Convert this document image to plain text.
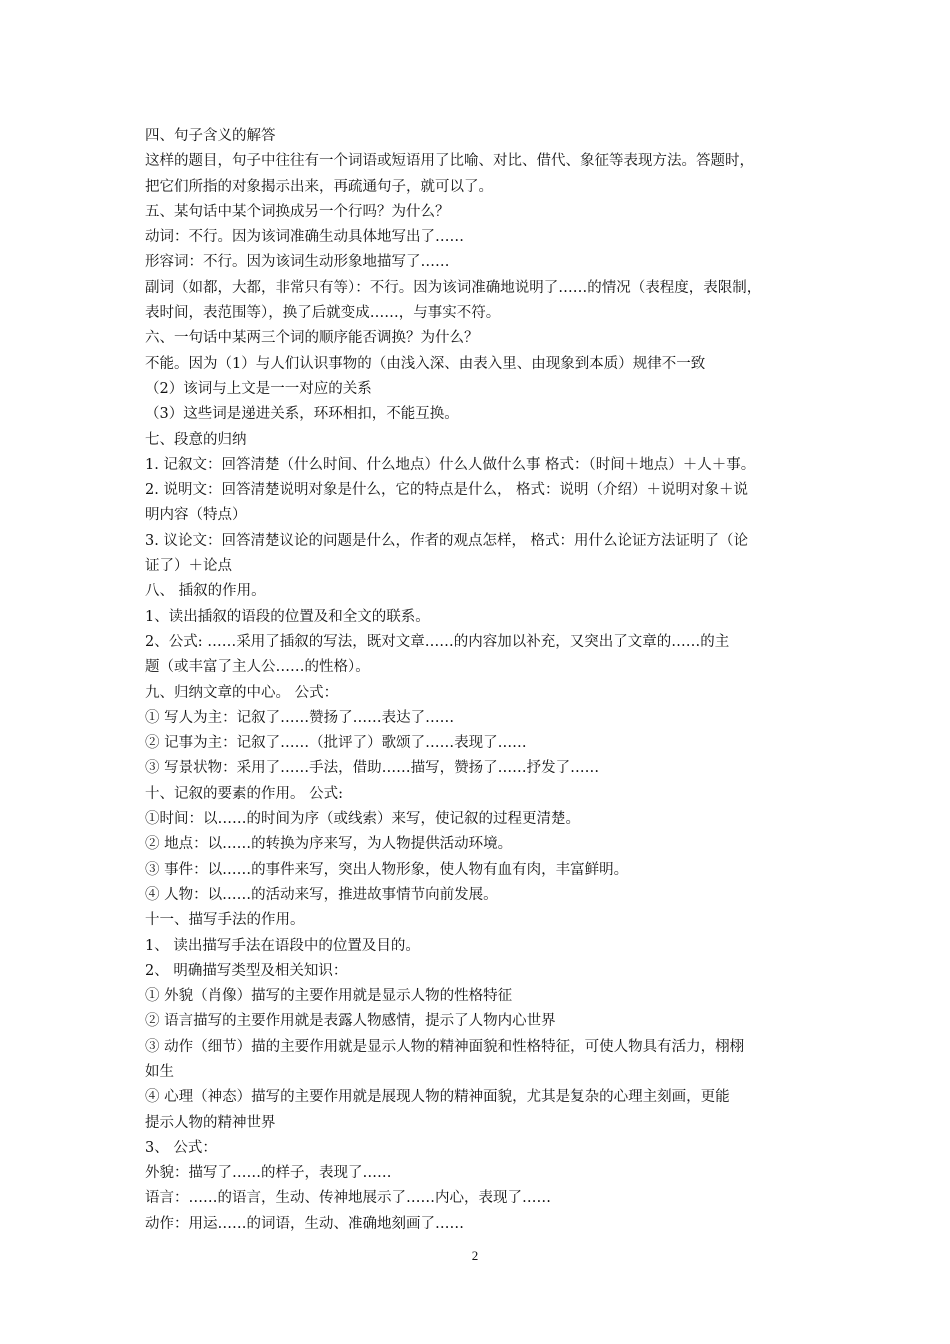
四、句子含义的解答
这样的题目，句子中往往有一个词语或短语用了比喻、对比、借代、象征等表现方法。答题时，
把它们所指的对象揭示出来，再疏通句子，就可以了。
五、某句话中某个词换成另一个行吗？为什么？
动词：不行。因为该词准确生动具体地写出了……
形容词：不行。因为该词生动形象地描写了……
副词（如都，大都，非常只有等）：不行。因为该词准确地说明了……的情况（表程度，表限制，
表时间，表范围等），换了后就变成……，与事实不符。
六、一句话中某两三个词的顺序能否调换？为什么？
不能。因为（1）与人们认识事物的（由浅入深、由表入里、由现象到本质）规律不一致
（2）该词与上文是一一对应的关系
（3）这些词是递进关系，环环相扣，不能互换。
七、段意的归纳
1. 记叙文：回答清楚（什么时间、什么地点）什么人做什么事 格式：（时间＋地点）＋人＋事。
2. 说明文：回答清楚说明对象是什么，它的特点是什么， 格式：说明（介绍）＋说明对象＋说
明内容（特点）
3. 议论文：回答清楚议论的问题是什么，作者的观点怎样， 格式：用什么论证方法证明了（论
证了）＋论点
八、 插叙的作用。
1、读出插叙的语段的位置及和全文的联系。
2、公式: ……采用了插叙的写法，既对文章……的内容加以补充，又突出了文章的……的主
题（或丰富了主人公……的性格）。
九、归纳文章的中心。 公式：
① 写人为主：记叙了……赞扬了……表达了……
② 记事为主：记叙了……（批评了）歌颂了……表现了……
③ 写景状物：采用了……手法，借助……描写，赞扬了……抒发了……
十、记叙的要素的作用。 公式:
①时间：以……的时间为序（或线索）来写，使记叙的过程更清楚。
② 地点：以……的转换为序来写，为人物提供活动环境。
③ 事件：以……的事件来写，突出人物形象，使人物有血有肉，丰富鲜明。
④ 人物：以……的活动来写，推进故事情节向前发展。
十一、描写手法的作用。
1、 读出描写手法在语段中的位置及目的。
2、 明确描写类型及相关知识：
① 外貌（肖像）描写的主要作用就是显示人物的性格特征
② 语言描写的主要作用就是表露人物感情，提示了人物内心世界
③ 动作（细节）描的主要作用就是显示人物的精神面貌和性格特征，可使人物具有活力，栩栩
如生
④ 心理（神态）描写的主要作用就是展现人物的精神面貌，尤其是复杂的心理主刻画，更能
提示人物的精神世界
3、 公式：
外貌：描写了……的样子，表现了……
语言：……的语言，生动、传神地展示了……内心，表现了……
动作：用运……的词语，生动、准确地刻画了……
2
